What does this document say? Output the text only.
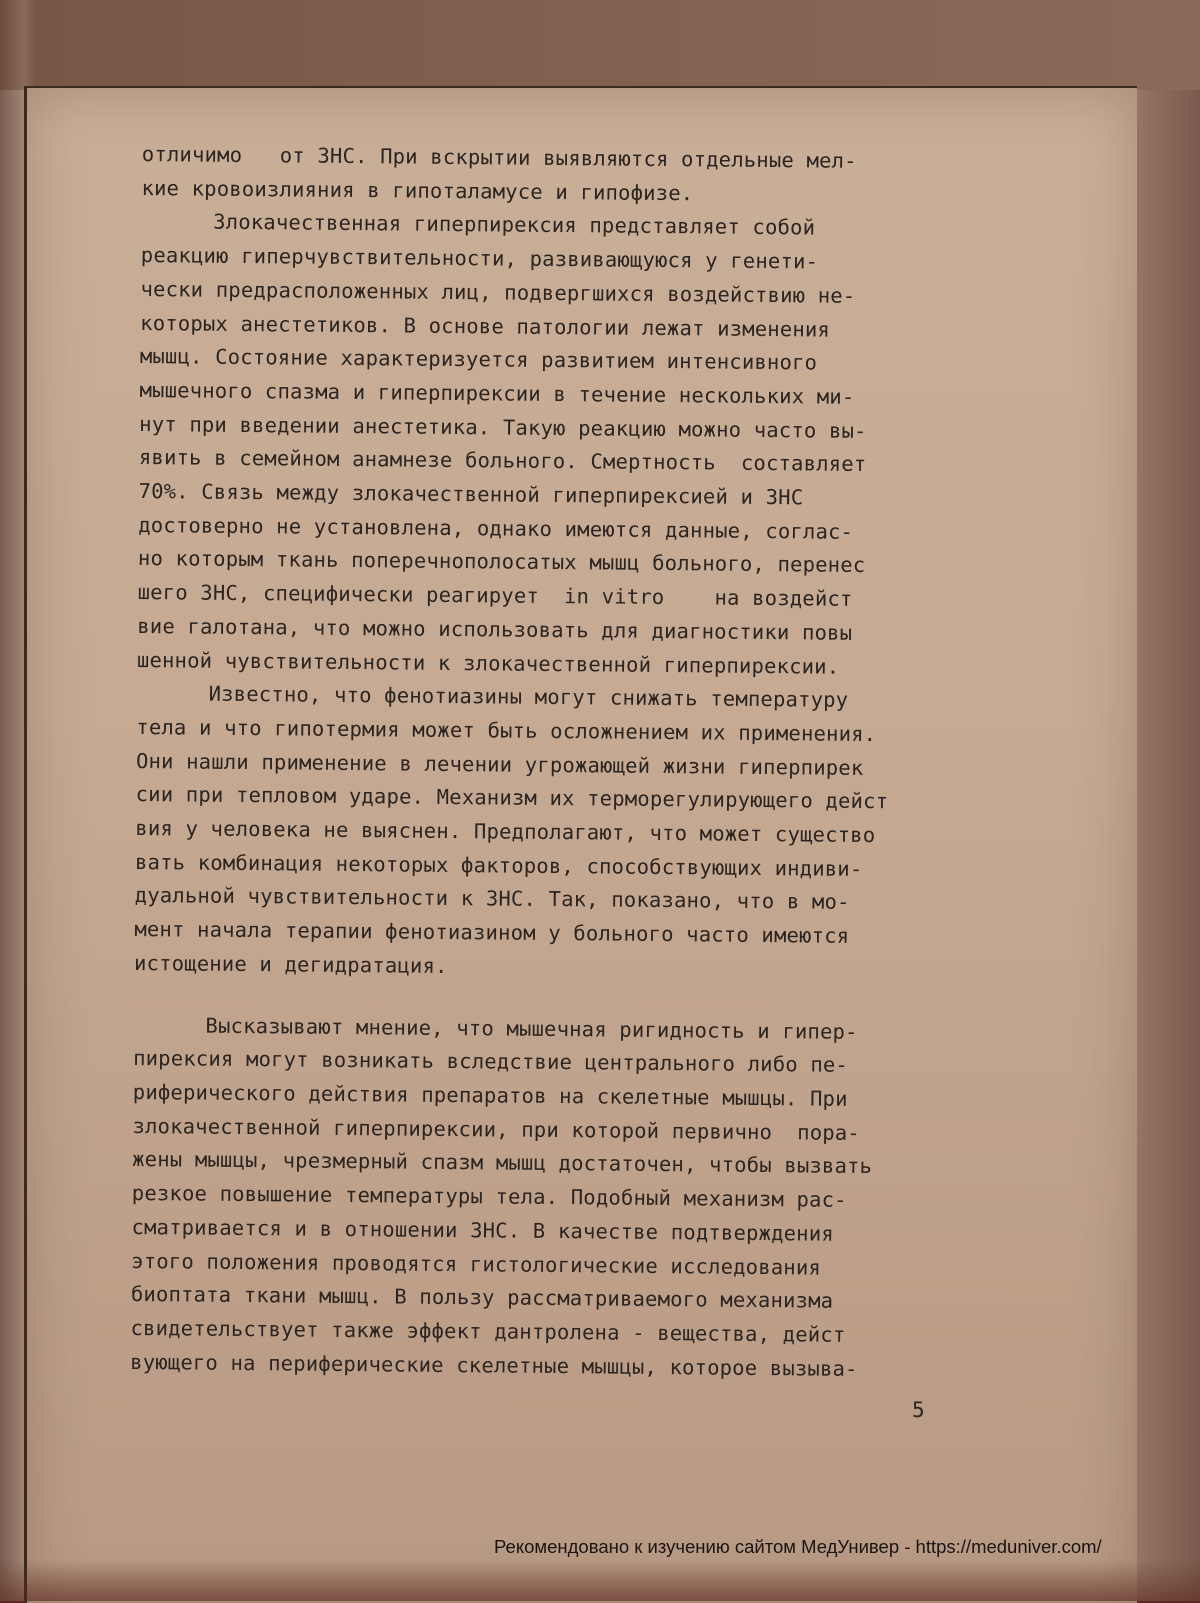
отличимо   от ЗНС. При вскрытии выявляются отдельные мел-
кие кровоизлияния в гипоталамусе и гипофизе.

Злокачественная гиперпирексия представляет собой
реакцию гиперчувствительности, развивающуюся у генети-
чески предрасположенных лиц, подвергшихся воздействию не-
которых анестетиков. В основе патологии лежат изменения
мышц. Состояние характеризуется развитием интенсивного
мышечного спазма и гиперпирексии в течение нескольких ми-
нут при введении анестетика. Такую реакцию можно часто вы-
явить в семейном анамнезе больного. Смертность  составляет
70%. Связь между злокачественной гиперпирексией и ЗНС
достоверно не установлена, однако имеются данные, соглас-
но которым ткань поперечнополосатых мышц больного, перенес
шего ЗНС, специфически реагирует  in vitro    на воздейст
вие галотана, что можно использовать для диагностики повы
шенной чувствительности к злокачественной гиперпирексии.

Известно, что фенотиазины могут снижать температуру
тела и что гипотермия может быть осложнением их применения.
Они нашли применение в лечении угрожающей жизни гиперпирек
сии при тепловом ударе. Механизм их терморегулирующего дейст
вия у человека не выяснен. Предполагают, что может существо
вать комбинация некоторых факторов, способствующих индиви-
дуальной чувствительности к ЗНС. Так, показано, что в мо-
мент начала терапии фенотиазином у больного часто имеются
истощение и дегидратация.

Высказывают мнение, что мышечная ригидность и гипер-
пирексия могут возникать вследствие центрального либо пе-
риферического действия препаратов на скелетные мышцы. При
злокачественной гиперпирексии, при которой первично  пора-
жены мышцы, чрезмерный спазм мышц достаточен, чтобы вызвать
резкое повышение температуры тела. Подобный механизм рас-
сматривается и в отношении ЗНС. В качестве подтверждения
этого положения проводятся гистологические исследования
биоптата ткани мышц. В пользу рассматриваемого механизма
свидетельствует также эффект дантролена - вещества, дейст
вующего на периферические скелетные мышцы, которое вызыва-

5
Рекомендовано к изучению сайтом МедУнивер - https://meduniver.com/
